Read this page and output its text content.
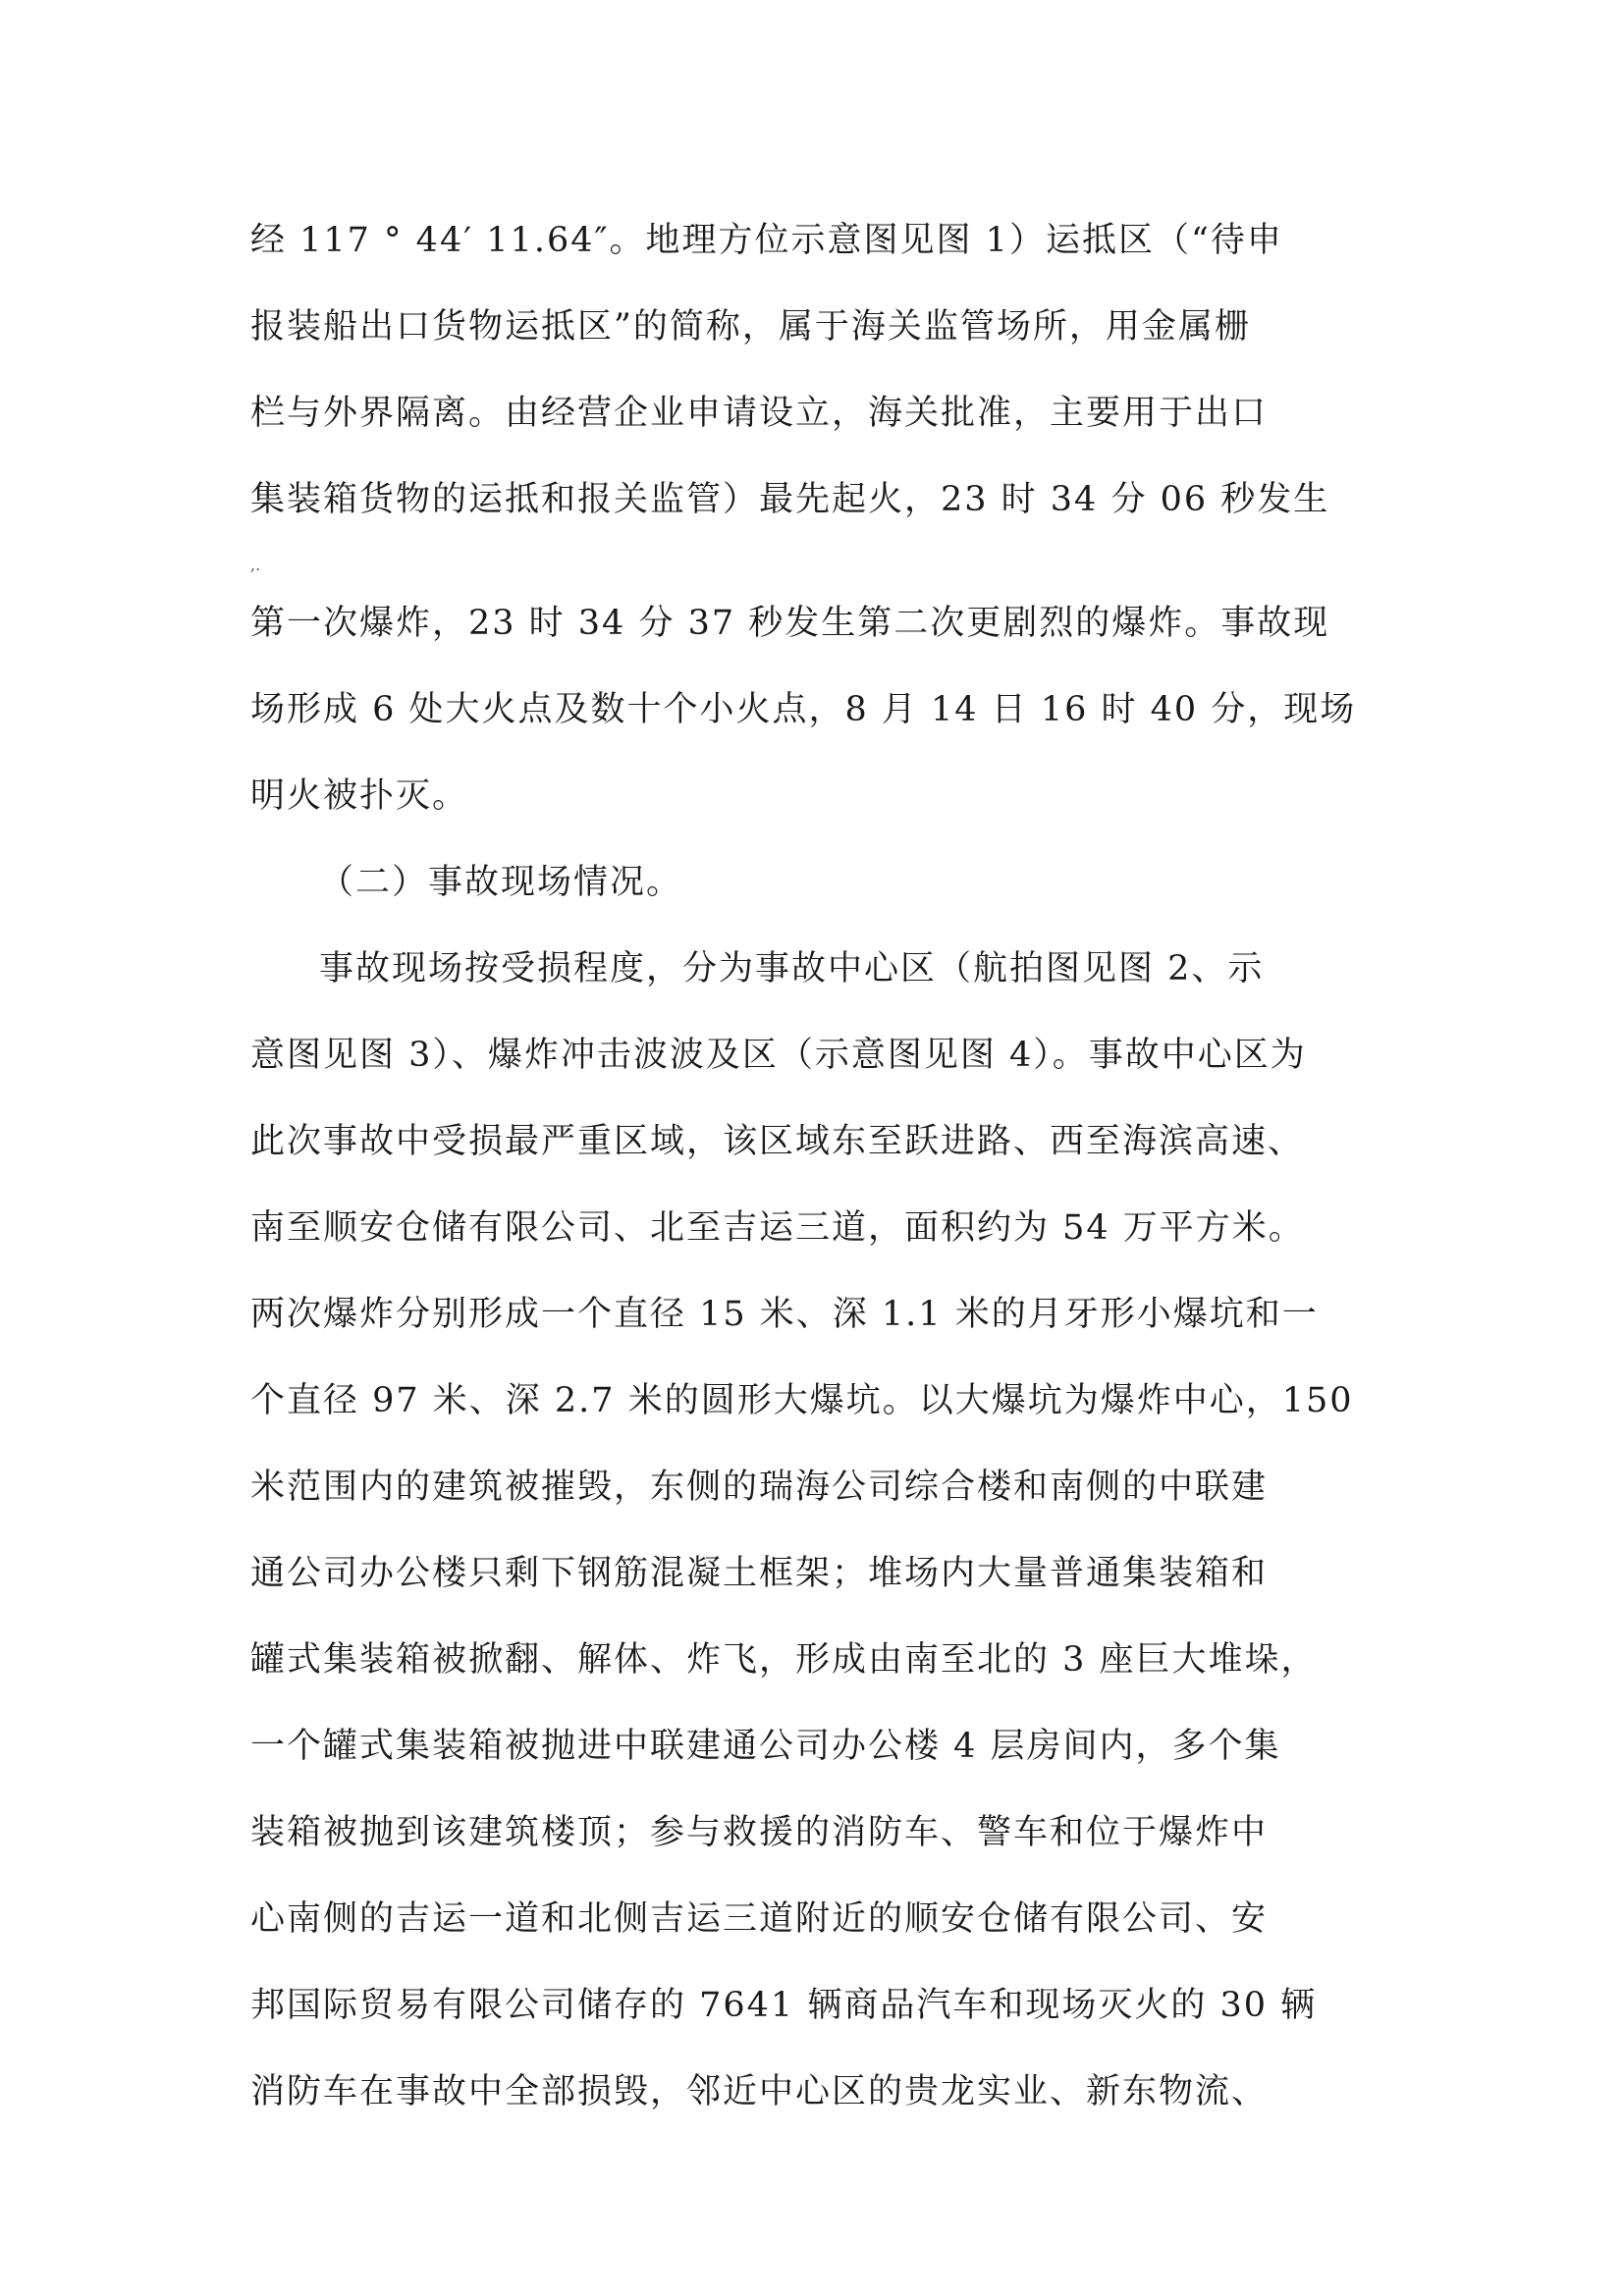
经 117 ° 44′ 11.64″。地理方位示意图见图 1）运抵区（“待申
报装船出口货物运抵区”的简称，属于海关监管场所，用金属栅
栏与外界隔离。由经营企业申请设立，海关批准，主要用于出口
集装箱货物的运抵和报关监管）最先起火，23 时 34 分 06 秒发生
,.
第一次爆炸，23 时 34 分 37 秒发生第二次更剧烈的爆炸。事故现
场形成 6 处大火点及数十个小火点，8 月 14 日 16 时 40 分，现场
明火被扑灭。
（二）事故现场情况。
事故现场按受损程度，分为事故中心区（航拍图见图 2、示
意图见图 3）、爆炸冲击波波及区（示意图见图 4）。事故中心区为
此次事故中受损最严重区域，该区域东至跃进路、西至海滨高速、
南至顺安仓储有限公司、北至吉运三道，面积约为 54 万平方米。
两次爆炸分别形成一个直径 15 米、深 1.1 米的月牙形小爆坑和一
个直径 97 米、深 2.7 米的圆形大爆坑。以大爆坑为爆炸中心，150
米范围内的建筑被摧毁，东侧的瑞海公司综合楼和南侧的中联建
通公司办公楼只剩下钢筋混凝土框架；堆场内大量普通集装箱和
罐式集装箱被掀翻、解体、炸飞，形成由南至北的 3 座巨大堆垛，
一个罐式集装箱被抛进中联建通公司办公楼 4 层房间内，多个集
装箱被抛到该建筑楼顶；参与救援的消防车、警车和位于爆炸中
心南侧的吉运一道和北侧吉运三道附近的顺安仓储有限公司、安
邦国际贸易有限公司储存的 7641 辆商品汽车和现场灭火的 30 辆
消防车在事故中全部损毁，邻近中心区的贵龙实业、新东物流、
